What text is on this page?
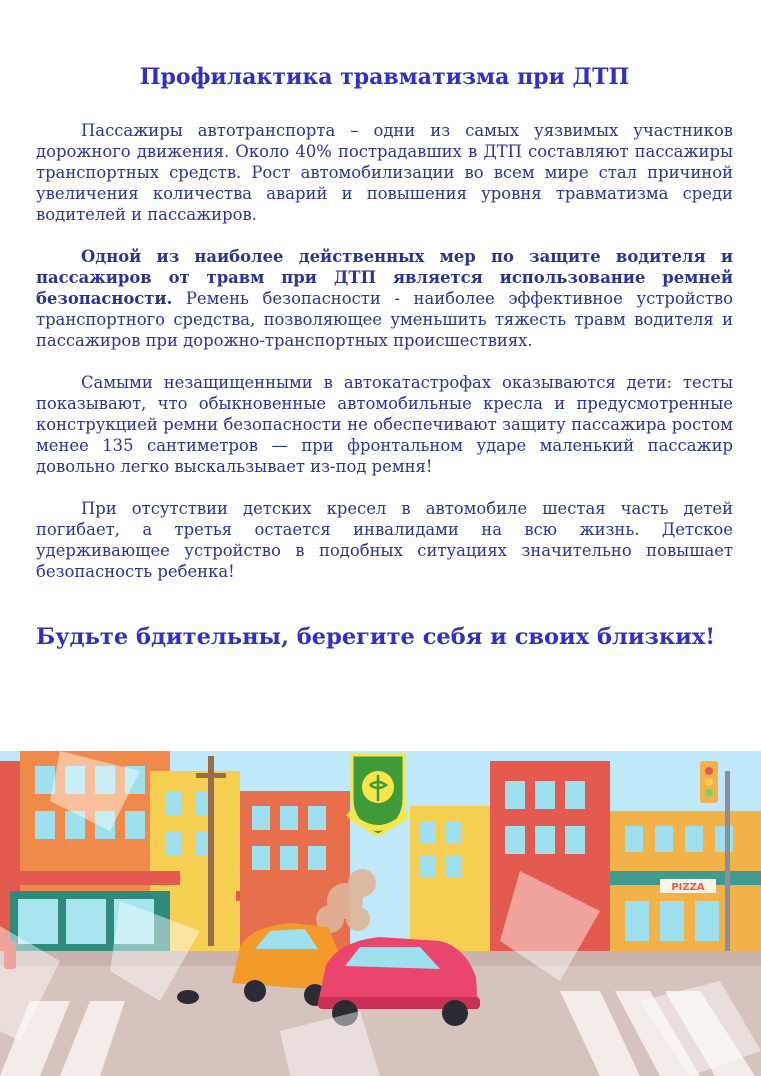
Профилактика травматизма при ДТП

Пассажиры автотранспорта – одни из самых уязвимых участников дорожного движения. Около 40% пострадавших в ДТП составляют пассажиры транспортных средств. Рост автомобилизации во всем мире стал причиной увеличения количества аварий и повышения уровня травматизма среди водителей и пассажиров.

Одной из наиболее действенных мер по защите водителя и пассажиров от травм при ДТП является использование ремней безопасности. Ремень безопасности - наиболее эффективное устройство транспортного средства, позволяющее уменьшить тяжесть травм водителя и пассажиров при дорожно-транспортных происшествиях.

Самыми незащищенными в автокатастрофах оказываются дети: тесты показывают, что обыкновенные автомобильные кресла и предусмотренные конструкцией ремни безопасности не обеспечивают защиту пассажира ростом менее 135 сантиметров — при фронтальном ударе маленький пассажир довольно легко выскальзывает из-под ремня!

При отсутствии детских кресел в автомобиле шестая часть детей погибает, а третья остается инвалидами на всю жизнь. Детское удерживающее устройство в подобных ситуациях значительно повышает безопасность ребенка!

Будьте бдительны, берегите себя и своих близких!
PIZZA
